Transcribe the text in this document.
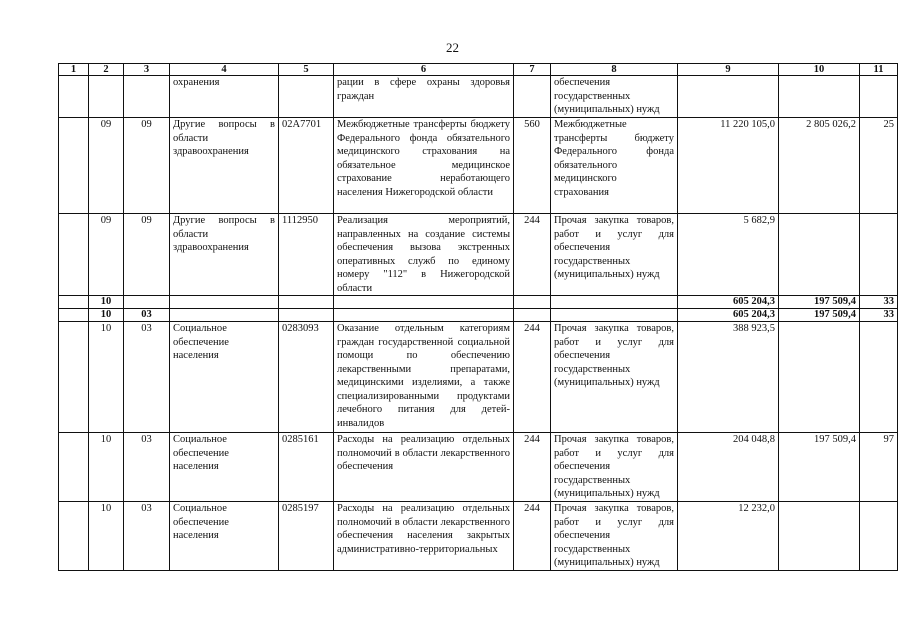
22
1	2	3	4	5	6	7	8	9	10	11
			охранения		рации в сфере охраны здоровья граждан		обеспечения государственных (муниципальных) нужд			
	09	09	Другие вопросы в области здравоохранения	02А7701	Межбюджетные трансферты бюджету Федерального фонда обязательного медицинского страхования на обязательное медицинское страхование неработающего населения Нижегородской области	560	Межбюджетные трансферты бюджету Федерального фонда обязательного медицинского страхования	11 220 105,0	2 805 026,2	25
	09	09	Другие вопросы в области здравоохранения	1112950	Реализация мероприятий, направленных на создание системы обеспечения вызова экстренных оперативных служб по единому номеру "112" в Нижегородской области	244	Прочая закупка товаров, работ и услуг для обеспечения государственных (муниципальных) нужд	5 682,9		
	10							605 204,3	197 509,4	33
	10	03						605 204,3	197 509,4	33
	10	03	Социальное обеспечение населения	0283093	Оказание отдельным категориям граждан государственной социальной помощи по обеспечению лекарственными препаратами, медицинскими изделиями, а также специализированными продуктами лечебного питания для детей-инвалидов	244	Прочая закупка товаров, работ и услуг для обеспечения государственных (муниципальных) нужд	388 923,5		
	10	03	Социальное обеспечение населения	0285161	Расходы на реализацию отдельных полномочий в области лекарственного обеспечения	244	Прочая закупка товаров, работ и услуг для обеспечения государственных (муниципальных) нужд	204 048,8	197 509,4	97
	10	03	Социальное обеспечение населения	0285197	Расходы на реализацию отдельных полномочий в области лекарственного обеспечения населения закрытых административно-территориальных	244	Прочая закупка товаров, работ и услуг для обеспечения государственных (муниципальных) нужд	12 232,0		
